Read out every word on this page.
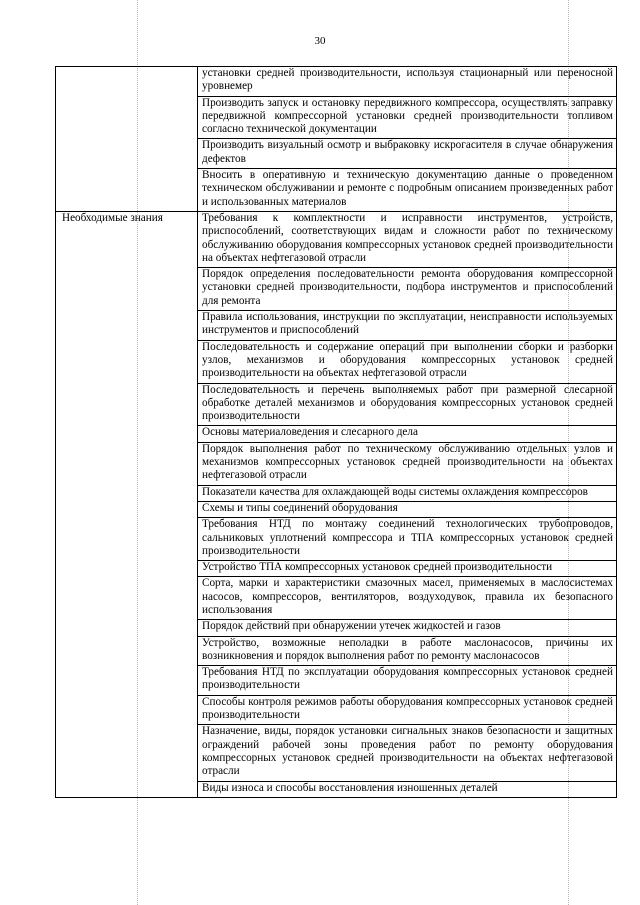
30
	установки средней производительности, используя стационарный или переносной уровнемер
	Производить запуск и остановку передвижного компрессора, осуществлять заправку передвижной компрессорной установки средней производительности топливом согласно технической документации
	Производить визуальный осмотр и выбраковку искрогасителя в случае обнаружения дефектов
	Вносить в оперативную и техническую документацию данные о проведенном техническом обслуживании и ремонте с подробным описанием произведенных работ и использованных материалов
Необходимые знания	Требования к комплектности и исправности инструментов, устройств, приспособлений, соответствующих видам и сложности работ по техническому обслуживанию оборудования компрессорных установок средней производительности на объектах нефтегазовой отрасли
	Порядок определения последовательности ремонта оборудования компрессорной установки средней производительности, подбора инструментов и приспособлений для ремонта
	Правила использования, инструкции по эксплуатации, неисправности используемых инструментов и приспособлений
	Последовательность и содержание операций при выполнении сборки и разборки узлов, механизмов и оборудования компрессорных установок средней производительности на объектах нефтегазовой отрасли
	Последовательность и перечень выполняемых работ при размерной слесарной обработке деталей механизмов и оборудования компрессорных установок средней производительности
	Основы материаловедения и слесарного дела
	Порядок выполнения работ по техническому обслуживанию отдельных узлов и механизмов компрессорных установок средней производительности на объектах нефтегазовой отрасли
	Показатели качества для охлаждающей воды системы охлаждения компрессоров
	Схемы и типы соединений оборудования
	Требования НТД по монтажу соединений технологических трубопроводов, сальниковых уплотнений компрессора и ТПА компрессорных установок средней производительности
	Устройство ТПА компрессорных установок средней производительности
	Сорта, марки и характеристики смазочных масел, применяемых в маслосистемах насосов, компрессоров, вентиляторов, воздуходувок, правила их безопасного использования
	Порядок действий при обнаружении утечек жидкостей и газов
	Устройство, возможные неполадки в работе маслонасосов, причины их возникновения и порядок выполнения работ по ремонту маслонасосов
	Требования НТД по эксплуатации оборудования компрессорных установок средней производительности
	Способы контроля режимов работы оборудования компрессорных установок средней производительности
	Назначение, виды, порядок установки сигнальных знаков безопасности и защитных ограждений рабочей зоны проведения работ по ремонту оборудования компрессорных установок средней производительности на объектах нефтегазовой отрасли
	Виды износа и способы восстановления изношенных деталей
